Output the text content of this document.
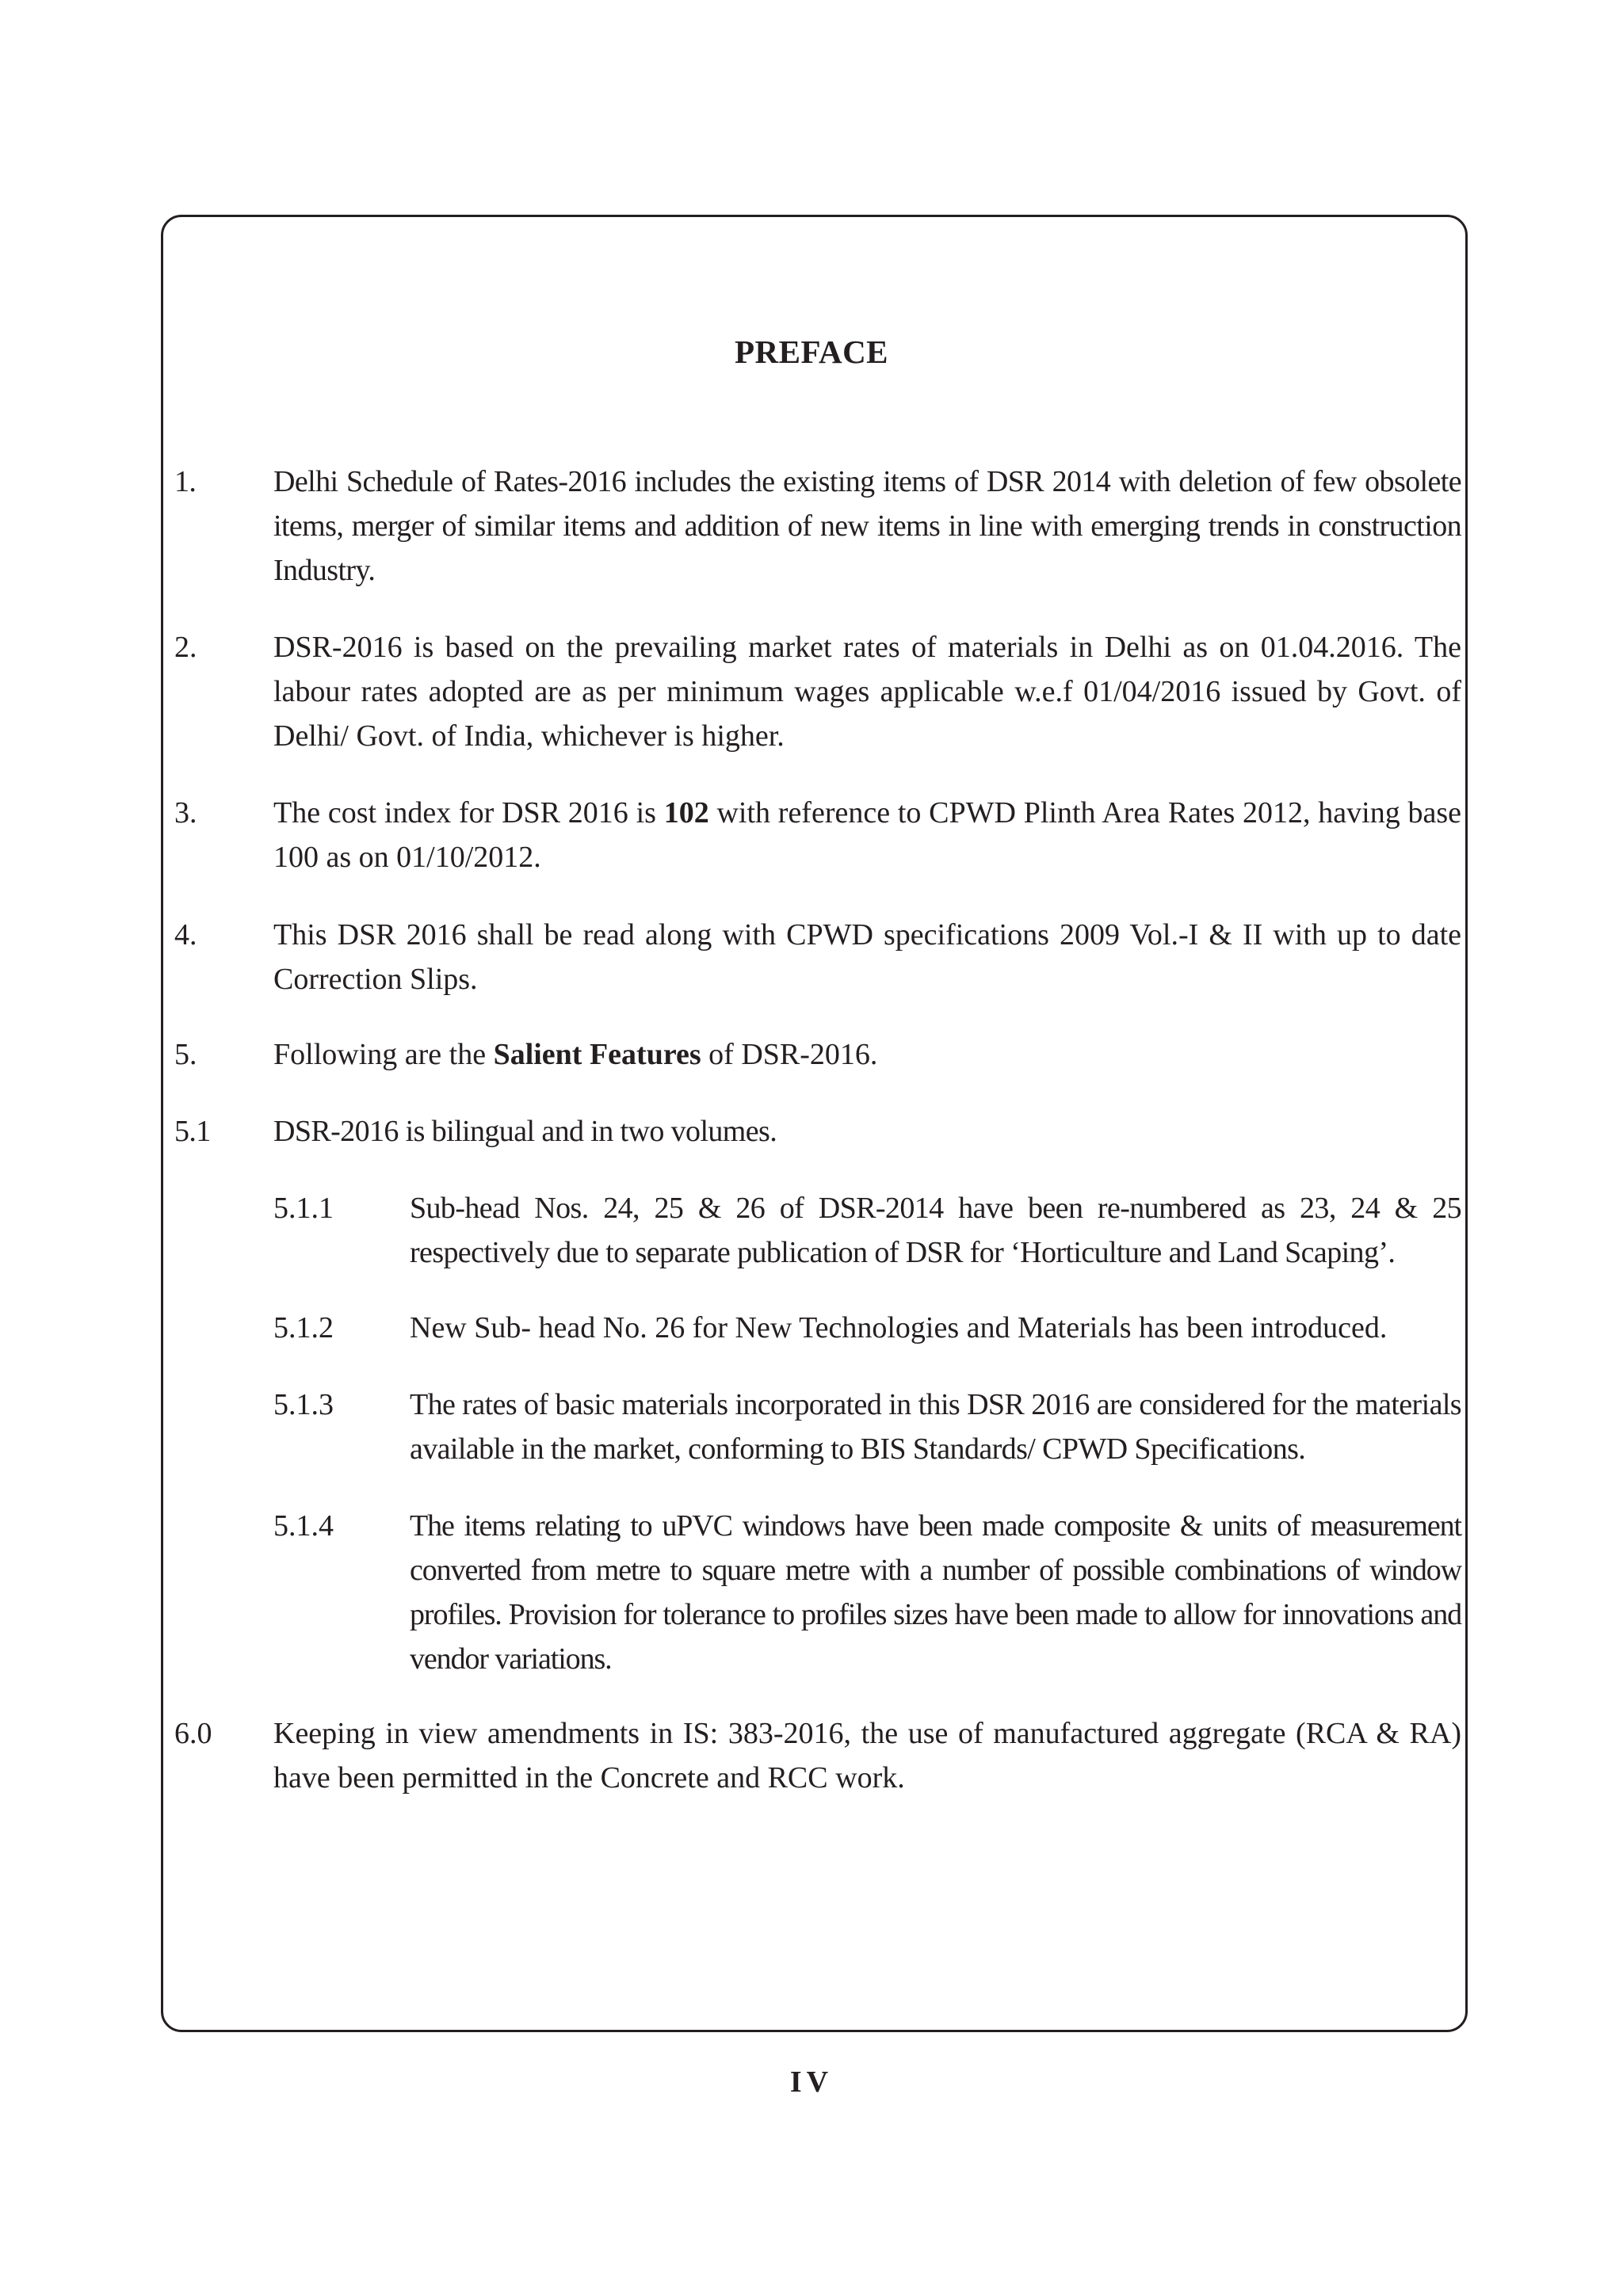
PREFACE
1.	Delhi Schedule of Rates-2016 includes the existing items of DSR 2014 with deletion of few obsolete items, merger of similar items and addition of new items in line with emerging trends in construction Industry.
2.	DSR-2016 is based on the prevailing market rates of materials in Delhi as on 01.04.2016. The labour rates adopted are as per minimum wages applicable w.e.f 01/04/2016 issued by Govt. of Delhi/ Govt. of India, whichever is higher.
3.	The cost index for DSR 2016 is 102 with reference to CPWD Plinth Area Rates 2012, having base 100 as on 01/10/2012.
4.	This DSR 2016 shall be read along with CPWD specifications 2009 Vol.-I & II with up to date Correction Slips.
5.	Following are the Salient Features of DSR-2016.
5.1 DSR-2016 is bilingual and in two volumes.
5.1.1	Sub-head Nos. 24, 25 & 26 of DSR-2014 have been re-numbered as 23, 24 & 25 respectively due to separate publication of DSR for ‘Horticulture and Land Scaping’.
5.1.2	New Sub- head No. 26 for New Technologies and Materials has been introduced.
5.1.3	The rates of basic materials incorporated in this DSR 2016 are considered for the materials available in the market, conforming to BIS Standards/ CPWD Specifications.
5.1.4	The items relating to uPVC windows have been made composite & units of measurement converted from metre to square metre with a number of possible combinations of window profiles. Provision for tolerance to profiles sizes have been made to allow for innovations and vendor variations.
6.0 Keeping in view amendments in IS: 383-2016, the use of manufactured aggregate (RCA & RA) have been permitted in the Concrete and RCC work.
IV
